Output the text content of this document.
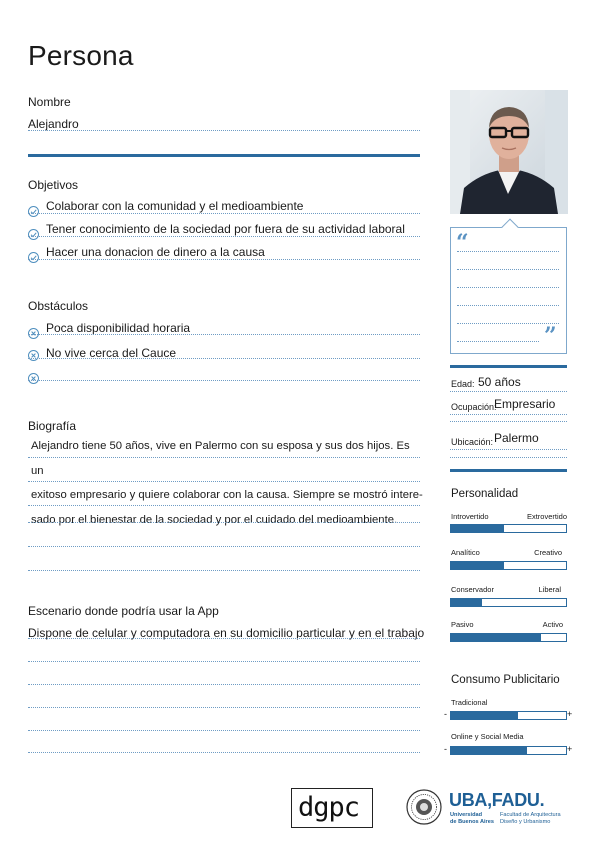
Persona
Nombre
Alejandro
Objetivos
Colaborar con la comunidad y el medioambiente
Tener conocimiento de la sociedad por fuera de su actividad laboral
Hacer una donacion de dinero a la causa
Obstáculos
Poca disponibilidad horaria
No vive cerca del Cauce
Biografía
Alejandro tiene 50 años, vive en Palermo con su esposa y sus dos hijos. Es un
exitoso empresario y quiere colaborar con la causa. Siempre se mostró intere-
sado por el bienestar de la sociedad y por el cuidado del medioambiente.
Escenario donde podría usar la App
Dispone de celular y computadora en su domicilio particular y en el trabajo
“
”
Edad: 50 años
Ocupación:
Empresario
Ubicación: Palermo
Personalidad
Introvertido	Extrovertido
Analítico	Creativo
Conservador	Liberal
Pasivo	Activo
Consumo Publicitario
Tradicional
-	+
Online y Social Media
-	+
dgpc	UBA,FADU.
Universidad
de Buenos Aires
Facultad de Arquitectura
Diseño y Urbanismo
